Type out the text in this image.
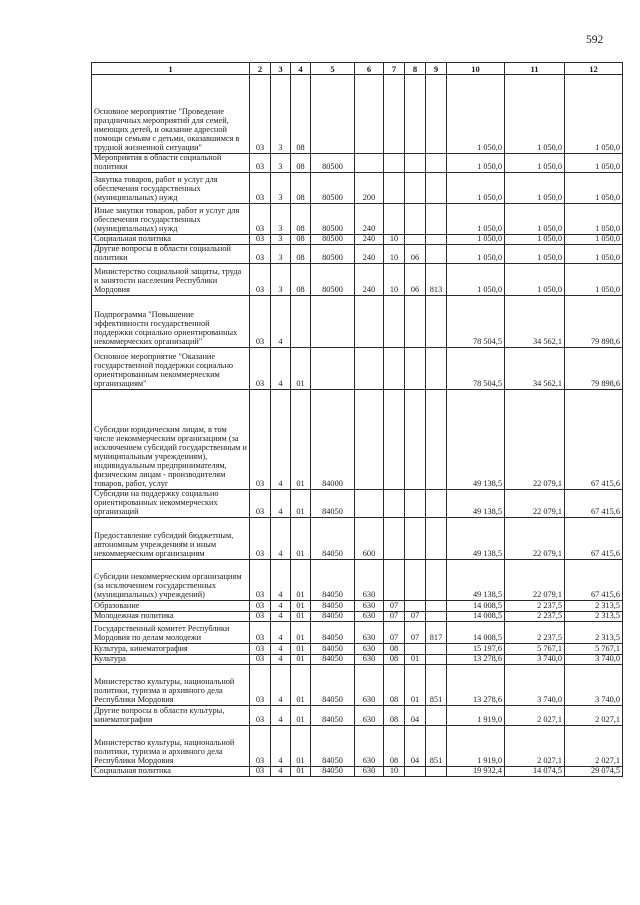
592
1	2	3	4	5	6	7	8	9	10	11	12
Основное мероприятие "Проведение праздничных мероприятий для семей, имеющих детей, и оказание адресной помощи семьям с детьми, оказавшимся в трудной жизненной ситуации"	03	3	08						1 050,0	1 050,0	1 050,0
Мероприятия в области социальной политики	03	3	08	80500					1 050,0	1 050,0	1 050,0
Закупка товаров, работ и услуг для обеспечения государственных (муниципальных) нужд	03	3	08	80500	200				1 050,0	1 050,0	1 050,0
Иные закупки товаров, работ и услуг для обеспечения государственных (муниципальных) нужд	03	3	08	80500	240				1 050,0	1 050,0	1 050,0
Социальная политика	03	3	08	80500	240	10			1 050,0	1 050,0	1 050,0
Другие вопросы в области социальной политики	03	3	08	80500	240	10	06		1 050,0	1 050,0	1 050,0
Министерство социальной защиты, труда и занятости населения Республики Мордовия	03	3	08	80500	240	10	06	813	1 050,0	1 050,0	1 050,0
Подпрограмма "Повышение эффективности государственной поддержки социально ориентированных некоммерческих организаций"	03	4							78 504,5	34 562,1	79 898,6
Основное мероприятие "Оказание государственной поддержки социально ориентированным некоммерческим организациям"	03	4	01						78 504,5	34 562,1	79 898,6
Субсидии юридическим лицам, в том числе некоммерческим организациям (за исключением субсидий государственным и муниципальным учреждениям), индивидуальным предпринимателям, физическим лицам - производителям товаров, работ, услуг	03	4	01	84000					49 138,5	22 079,1	67 415,6
Субсидии на поддержку социально ориентированных некоммерческих организаций	03	4	01	84050					49 138,5	22 079,1	67 415,6
Предоставление субсидий бюджетным, автономным учреждениям и иным некоммерческим организациям	03	4	01	84050	600				49 138,5	22 079,1	67 415,6
Субсидии некоммерческим организациям (за исключением государственных (муниципальных) учреждений)	03	4	01	84050	630				49 138,5	22 079,1	67 415,6
Образование	03	4	01	84050	630	07			14 008,5	2 237,5	2 313,5
Молодежная политика	03	4	01	84050	630	07	07		14 008,5	2 237,5	2 313,5
Государственный комитет Республики Мордовия по делам молодежи	03	4	01	84050	630	07	07	817	14 008,5	2 237,5	2 313,5
Культура, кинематография	03	4	01	84050	630	08			15 197,6	5 767,1	5 767,1
Культура	03	4	01	84050	630	08	01		13 278,6	3 740,0	3 740,0
Министерство культуры, национальной политики, туризма и архивного дела Республики Мордовия	03	4	01	84050	630	08	01	851	13 278,6	3 740,0	3 740,0
Другие вопросы в области культуры, кинематографии	03	4	01	84050	630	08	04		1 919,0	2 027,1	2 027,1
Министерство культуры, национальной политики, туризма и архивного дела Республики Мордовия	03	4	01	84050	630	08	04	851	1 919,0	2 027,1	2 027,1
Социальная политика	03	4	01	84050	630	10			19 932,4	14 074,5	29 074,5
